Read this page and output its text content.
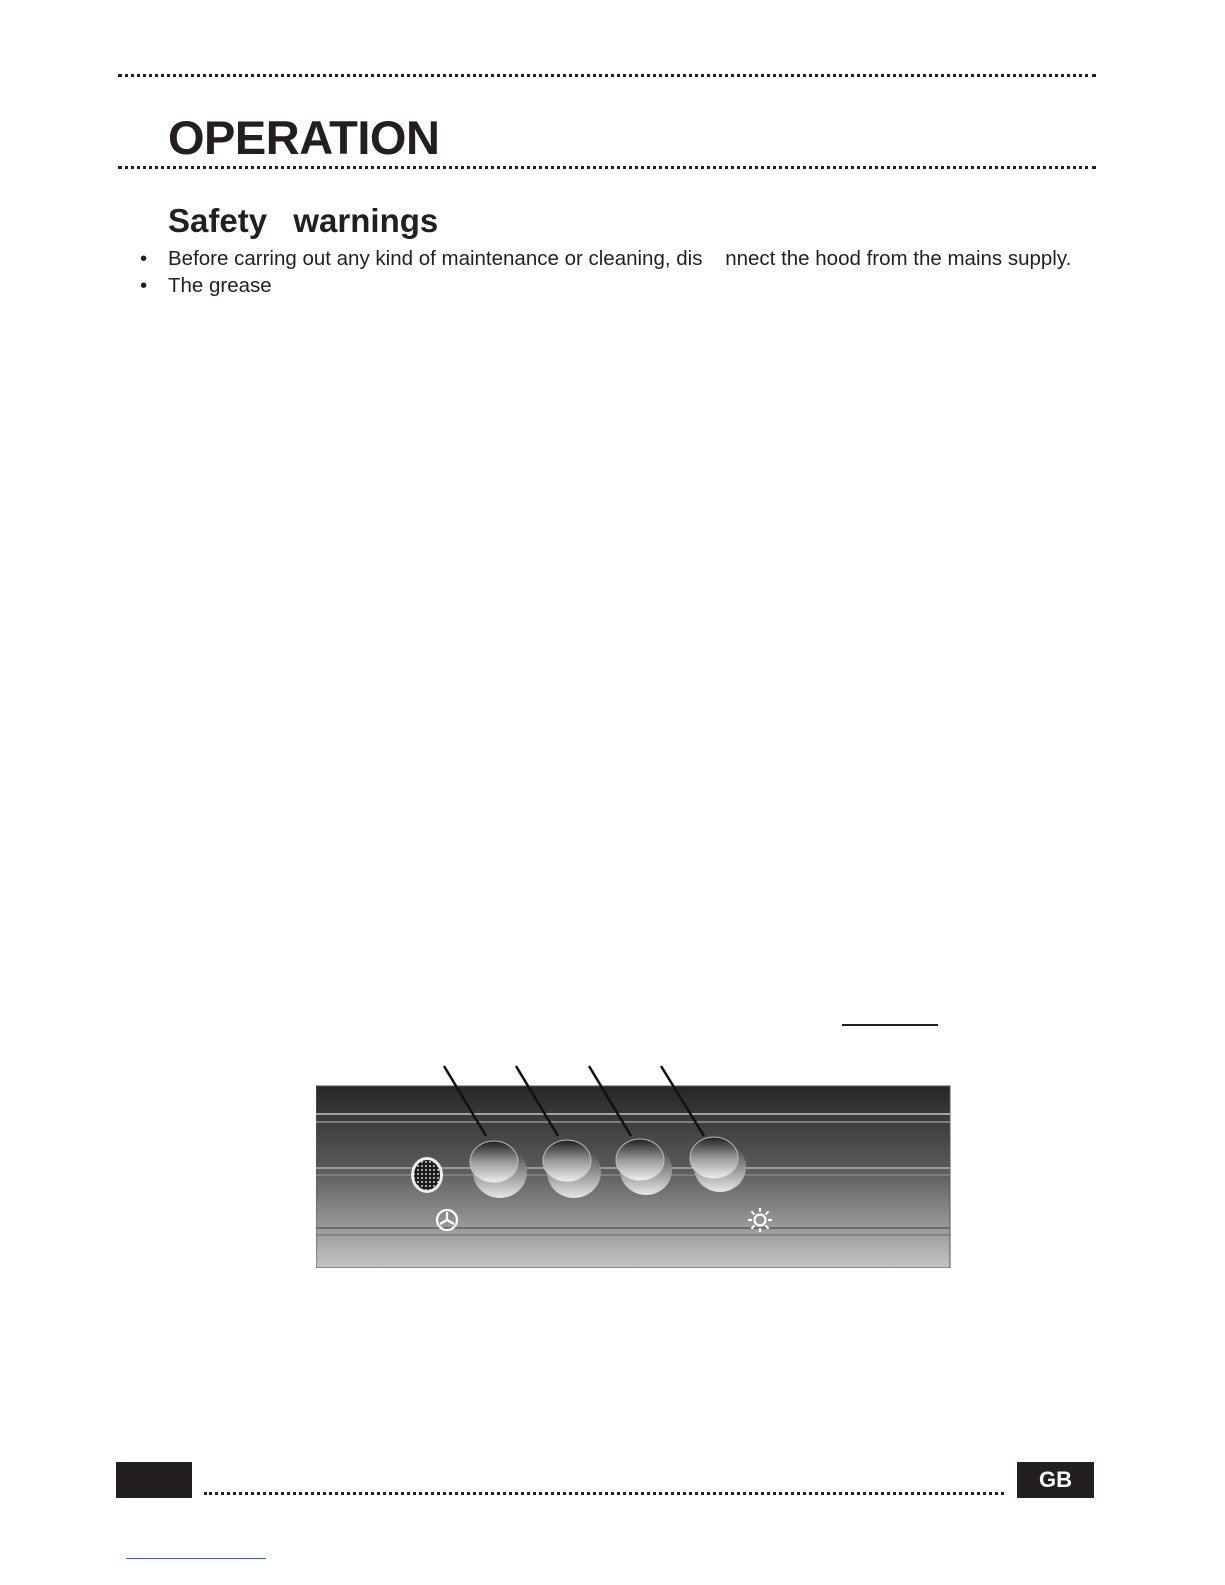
OPERATION
Safety  warnings
• Before carring out any kind of maintenance or cleaning, dis    nnect the hood from the mains supply.
• The grease
GB
